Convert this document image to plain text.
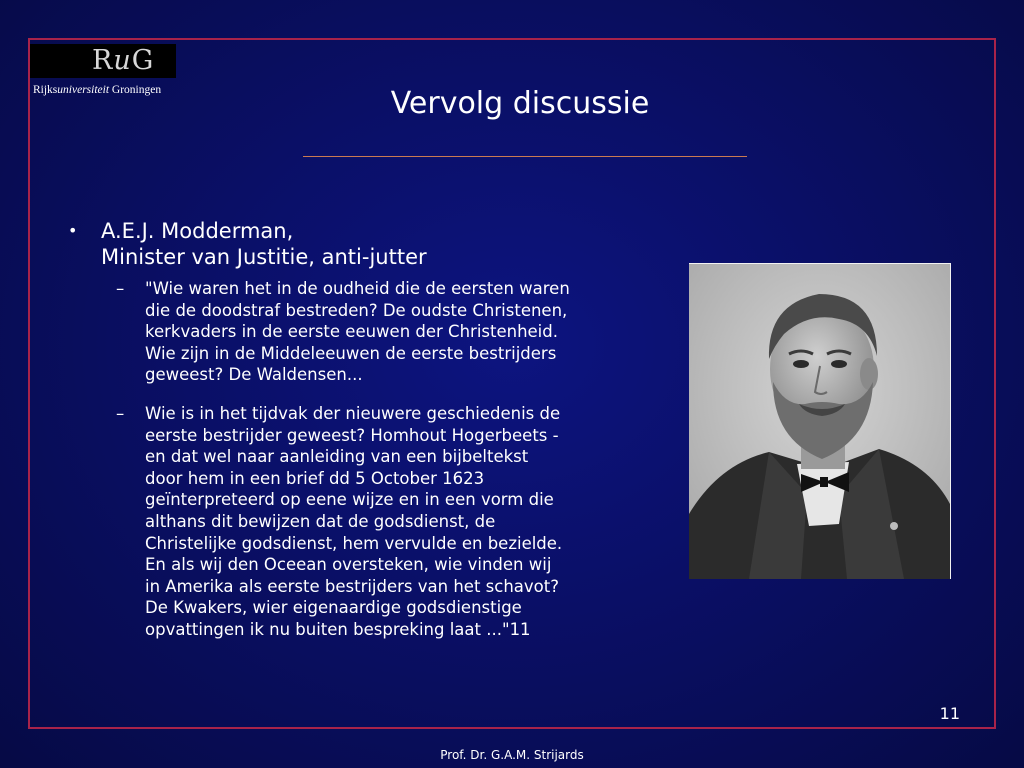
RuG
Rijksuniversiteit Groningen	Vervolg discussie
• A.E.J. Modderman,
Minister van Justitie, anti-jutter
– "Wie waren het in de oudheid die de eersten waren
die de doodstraf bestreden? De oudste Christenen,
kerkvaders in de eerste eeuwen der Christenheid.
Wie zijn in de Middeleeuwen de eerste bestrijders
geweest? De Waldensen...
– Wie is in het tijdvak der nieuwere geschiedenis de
eerste bestrijder geweest? Homhout Hogerbeets -
en dat wel naar aanleiding van een bijbeltekst
door hem in een brief dd 5 October 1623
geïnterpreteerd op eene wijze en in een vorm die
althans dit bewijzen dat de godsdienst, de
Christelijke godsdienst, hem vervulde en bezielde.
En als wij den Oceean oversteken, wie vinden wij
in Amerika als eerste bestrijders van het schavot?
De Kwakers, wier eigenaardige godsdienstige
opvattingen ik nu buiten bespreking laat ..."11
11
Prof. Dr. G.A.M. Strijards
